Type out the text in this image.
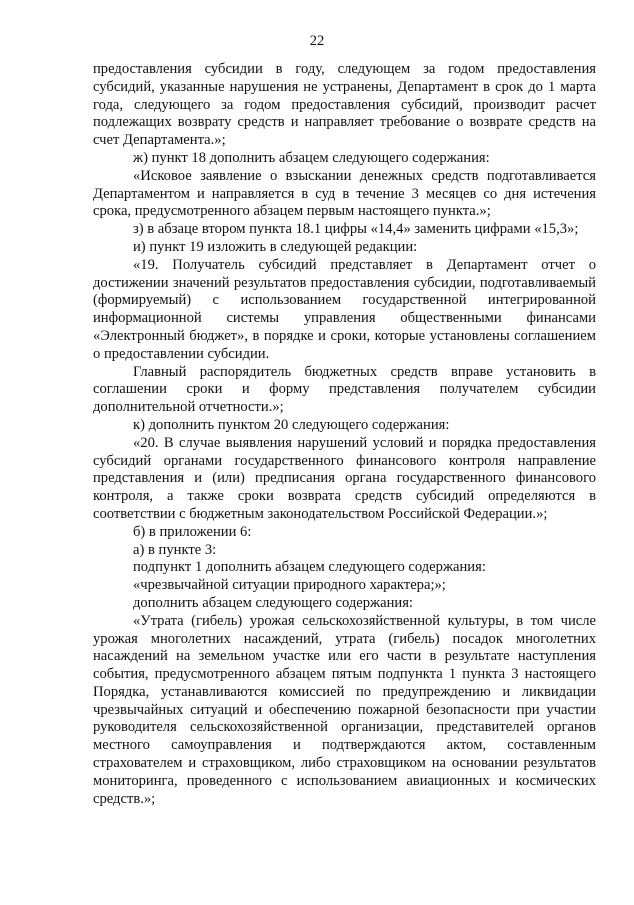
22

предоставления субсидии в году, следующем за годом предоставления субсидий, указанные нарушения не устранены, Департамент в срок до 1 марта года, следующего за годом предоставления субсидий, производит расчет подлежащих возврату средств и направляет требование о возврате средств на счет Департамента.»;

ж) пункт 18 дополнить абзацем следующего содержания:

«Исковое заявление о взыскании денежных средств подготавливается Департаментом и направляется в суд в течение 3 месяцев со дня истечения срока, предусмотренного абзацем первым настоящего пункта.»;

з) в абзаце втором пункта 18.1 цифры «14,4» заменить цифрами «15,3»;

и) пункт 19 изложить в следующей редакции:

«19. Получатель субсидий представляет в Департамент отчет о достижении значений результатов предоставления субсидии, подготавливаемый (формируемый) с использованием государственной интегрированной информационной системы управления общественными финансами «Электронный бюджет», в порядке и сроки, которые установлены соглашением о предоставлении субсидии.

Главный распорядитель бюджетных средств вправе установить в соглашении сроки и форму представления получателем субсидии дополнительной отчетности.»;

к) дополнить пунктом 20 следующего содержания:

«20. В случае выявления нарушений условий и порядка предоставления субсидий органами государственного финансового контроля направление представления и (или) предписания органа государственного финансового контроля, а также сроки возврата средств субсидий определяются в соответствии с бюджетным законодательством Российской Федерации.»;

б) в приложении 6:

а) в пункте 3:

подпункт 1 дополнить абзацем следующего содержания:

«чрезвычайной ситуации природного характера;»;

дополнить абзацем следующего содержания:

«Утрата (гибель) урожая сельскохозяйственной культуры, в том числе урожая многолетних насаждений, утрата (гибель) посадок многолетних насаждений на земельном участке или его части в результате наступления события, предусмотренного абзацем пятым подпункта 1 пункта 3 настоящего Порядка, устанавливаются комиссией по предупреждению и ликвидации чрезвычайных ситуаций и обеспечению пожарной безопасности при участии руководителя сельскохозяйственной организации, представителей органов местного самоуправления и подтверждаются актом, составленным страхователем и страховщиком, либо страховщиком на основании результатов мониторинга, проведенного с использованием авиационных и космических средств.»;
